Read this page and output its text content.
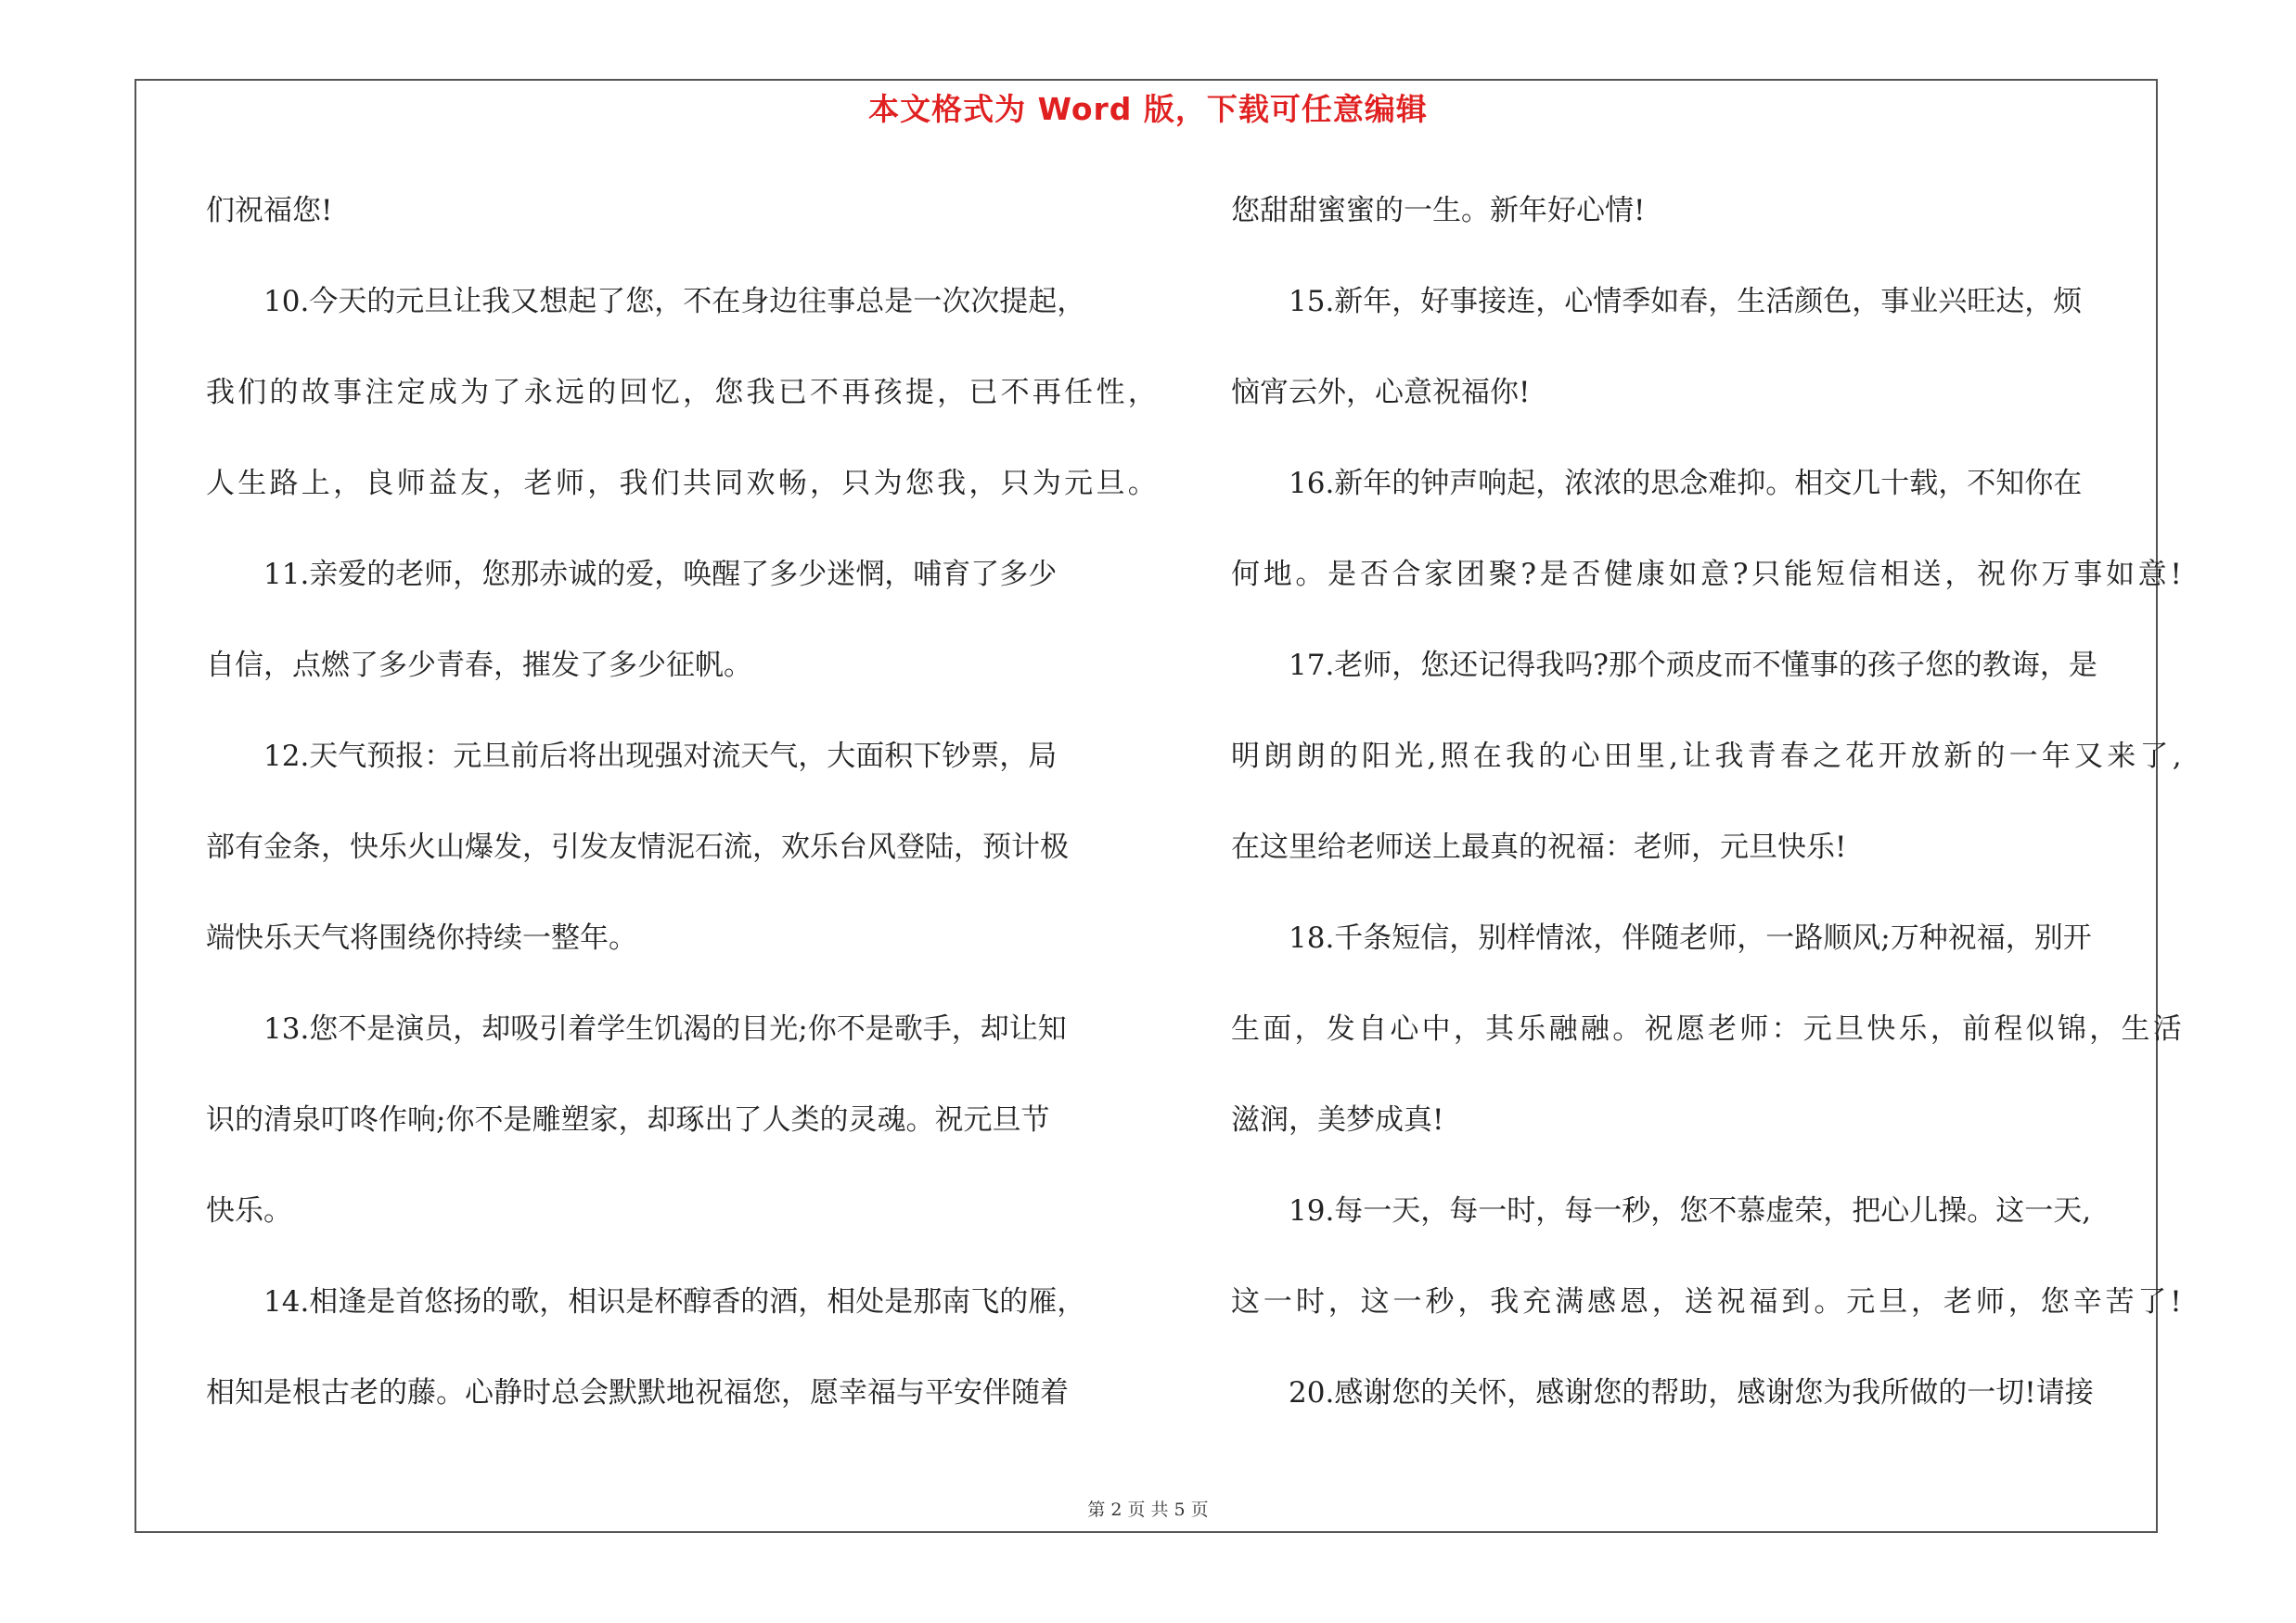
本文格式为 Word 版，下载可任意编辑
们祝福您!
10.今天的元旦让我又想起了您，不在身边往事总是一次次提起，
我 们 的 故 事 注 定 成 为 了 永 远 的 回 忆 ， 您 我 已 不 再 孩 提 ， 已 不 再 任 性 ，
人 生 路 上 ， 良 师 益 友 ， 老 师 ， 我 们 共 同 欢 畅 ， 只 为 您 我 ， 只 为 元 旦 。
11.亲爱的老师，您那赤诚的爱，唤醒了多少迷惘，哺育了多少
自信，点燃了多少青春，摧发了多少征帆。
12.天气预报：元旦前后将出现强对流天气，大面积下钞票，局
部有金条，快乐火山爆发，引发友情泥石流，欢乐台风登陆，预计极
端快乐天气将围绕你持续一整年。
13.您不是演员，却吸引着学生饥渴的目光;你不是歌手，却让知
识的清泉叮咚作响;你不是雕塑家，却琢出了人类的灵魂。祝元旦节
快乐。
14.相逢是首悠扬的歌，相识是杯醇香的酒，相处是那南飞的雁，
相知是根古老的藤。心静时总会默默地祝福您，愿幸福与平安伴随着
您甜甜蜜蜜的一生。新年好心情!
15.新年，好事接连，心情季如春，生活颜色，事业兴旺达，烦
恼宵云外，心意祝福你!
16.新年的钟声响起，浓浓的思念难抑。相交几十载，不知你在
何 地 。 是 否 合 家 团 聚 ? 是 否 健 康 如 意 ? 只 能 短 信 相 送 ， 祝 你 万 事 如 意 !
17.老师，您还记得我吗?那个顽皮而不懂事的孩子您的教诲，是
明 朗 朗 的 阳 光 , 照 在 我 的 心 田 里 , 让 我 青 春 之 花 开 放 新 的 一 年 又 来 了 ,
在这里给老师送上最真的祝福：老师，元旦快乐!
18.千条短信，别样情浓，伴随老师，一路顺风;万种祝福，别开
生 面 ， 发 自 心 中 ， 其 乐 融 融 。 祝 愿 老 师 ： 元 旦 快 乐 ， 前 程 似 锦 ， 生 活
滋润，美梦成真!
19.每一天，每一时，每一秒，您不慕虚荣，把心儿操。这一天,
这 一 时 ， 这 一 秒 ， 我 充 满 感 恩 ， 送 祝 福 到 。 元 旦 ， 老 师 ， 您 辛 苦 了 !
20.感谢您的关怀，感谢您的帮助，感谢您为我所做的一切!请接
第 2 页 共 5 页
